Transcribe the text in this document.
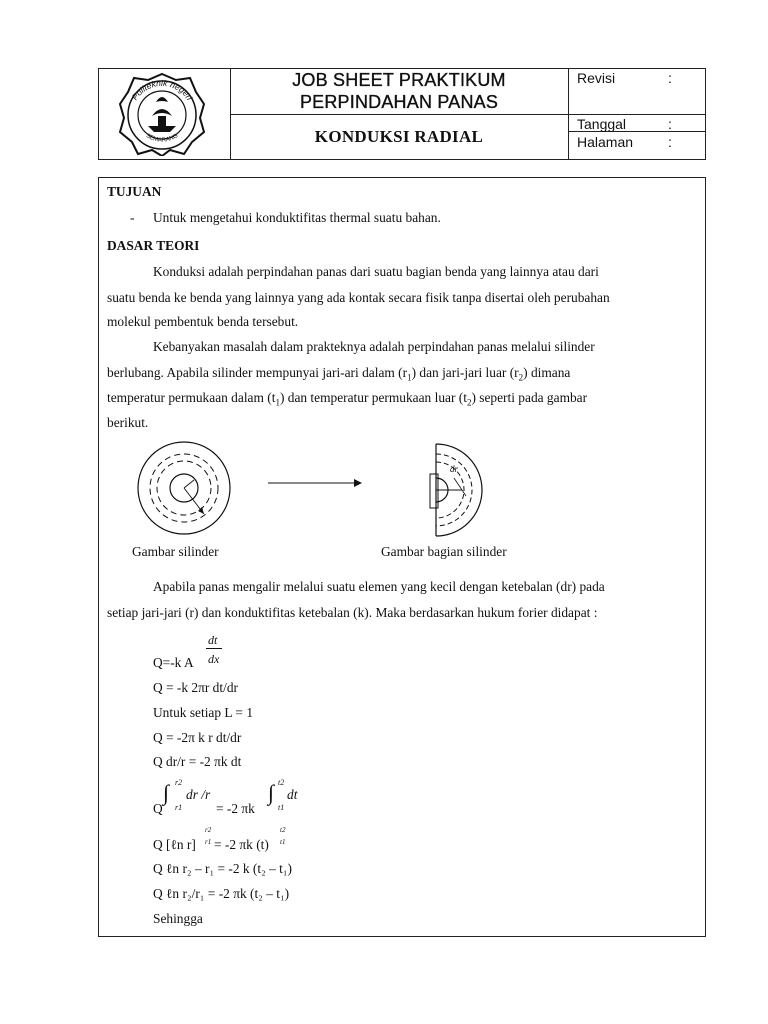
Politeknik negeri
SEMARANG
JOB SHEET PRAKTIKUM
PERPINDAHAN PANAS
KONDUKSI RADIAL
Revisi	:
Tanggal	:
Halaman :
TUJUAN
- Untuk mengetahui konduktifitas thermal suatu bahan.
DASAR TEORI
Konduksi adalah perpindahan panas dari suatu bagian benda yang lainnya atau dari
suatu benda ke benda yang lainnya yang ada kontak secara fisik tanpa disertai oleh perubahan
molekul pembentuk benda tersebut.
Kebanyakan masalah dalam prakteknya adalah perpindahan panas melalui silinder
berlubang. Apabila silinder mempunyai jari-ari dalam $(r_1)$ dan jari-jari luar $(r_2)$ dimana
temperatur permukaan dalam $(t_1)$ dan temperatur permukaan luar $(t_2)$ seperti pada gambar
berikut.
dr
Gambar silinder	Gambar bagian silinder
Apabila panas mengalir melalui suatu elemen yang kecil dengan ketebalan (dr) pada
setiap jari-jari (r) dan konduktifitas ketebalan (k). Maka berdasarkan hukum forier didapat :
Q=-k A
dt
dx
Q = -k 2πr dt/dr
Untuk setiap L = 1
Q = -2π k r dt/dr
Q dr/r = -2 πk dt
Q
∫ r2
r1
dr /r
= -2 πk
∫ t2
t1
dt
Q [ℓn r]
r2
r1 = -2 πk (t)
t2
t1
Q ℓn r₂ – r₁ = -2 k (t₂ – t₁)
Q ℓn r₂/r₁ = -2 πk (t₂ – t₁)
Sehingga
